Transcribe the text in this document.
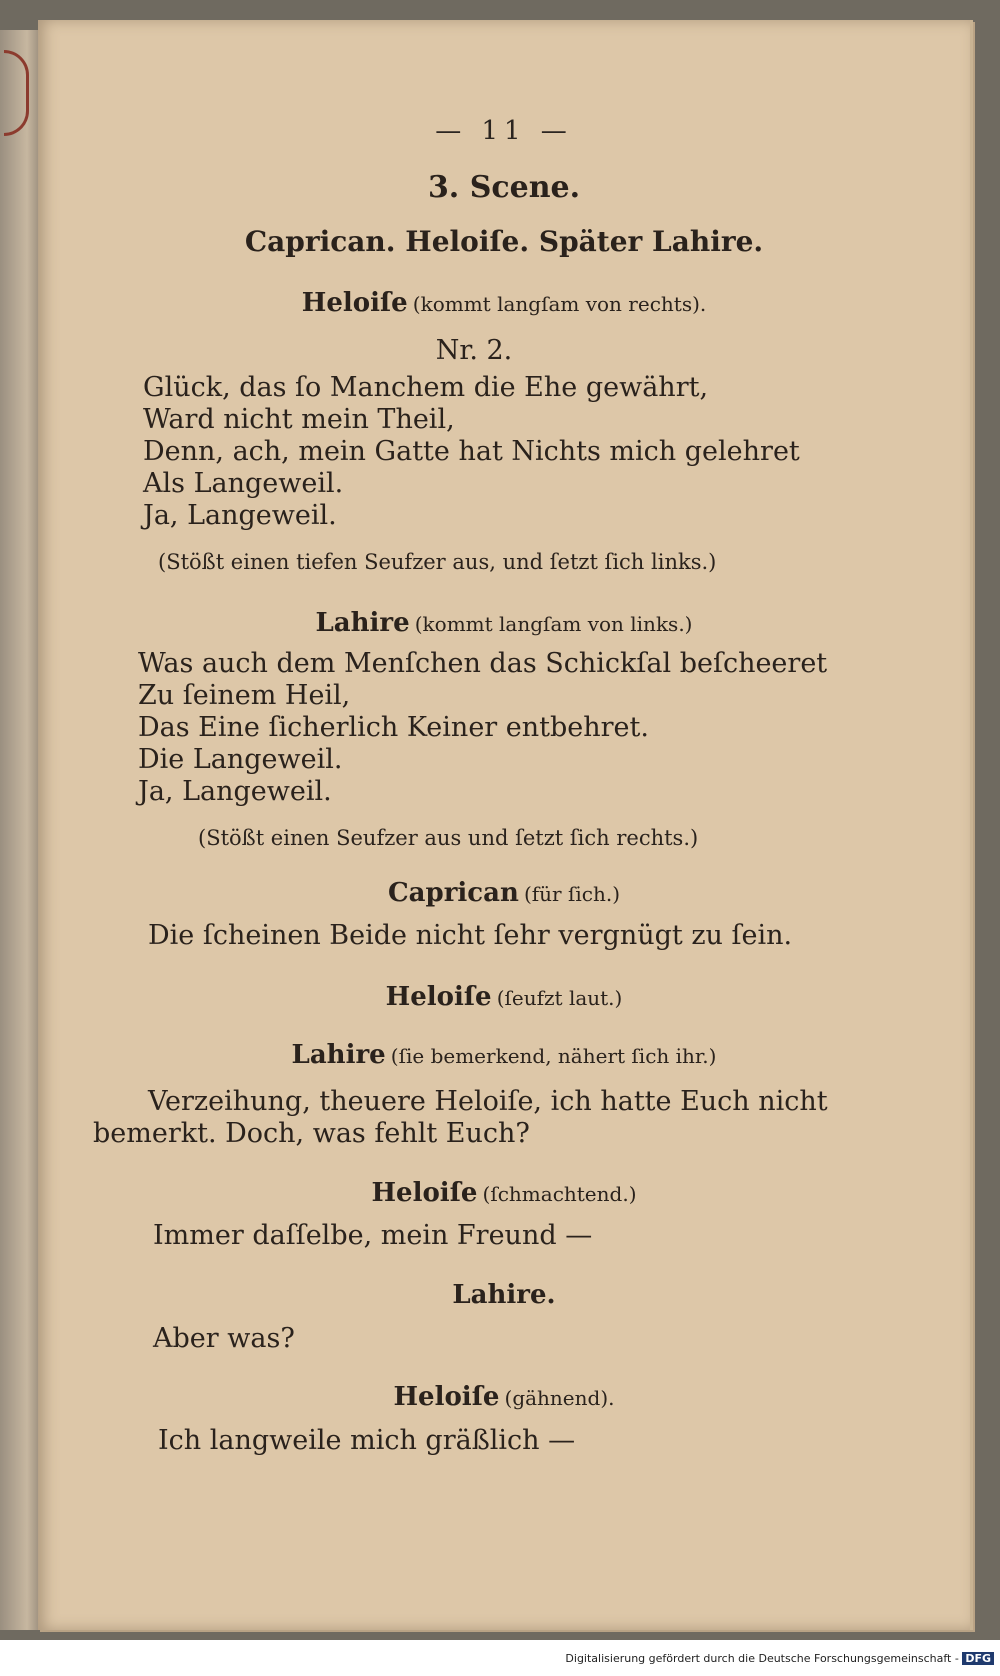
— 11 —
3. Scene.
Caprican. Heloiſe. Später Lahire.
Heloiſe (kommt langſam von rechts).
Nr. 2.
Glück, das ſo Manchem die Ehe gewährt,
Ward nicht mein Theil,
Denn, ach, mein Gatte hat Nichts mich gelehret
Als Langeweil.
Ja, Langeweil.
(Stößt einen tiefen Seufzer aus, und ſetzt ſich links.)
Lahire (kommt langſam von links.)
Was auch dem Menſchen das Schickſal beſcheeret
Zu ſeinem Heil,
Das Eine ſicherlich Keiner entbehret.
Die Langeweil.
Ja, Langeweil.
(Stößt einen Seufzer aus und ſetzt ſich rechts.)
Caprican (für ſich.)
Die ſcheinen Beide nicht ſehr vergnügt zu ſein.
Heloiſe (ſeufzt laut.)
Lahire (ſie bemerkend, nähert ſich ihr.)
Verzeihung, theuere Heloiſe, ich hatte Euch nicht
bemerkt. Doch, was fehlt Euch?
Heloiſe (ſchmachtend.)
Immer daſſelbe, mein Freund —
Lahire.
Aber was?
Heloiſe (gähnend).
Ich langweile mich gräßlich —
Digitalisierung gefördert durch die Deutsche Forschungsgemeinschaft - DFG
